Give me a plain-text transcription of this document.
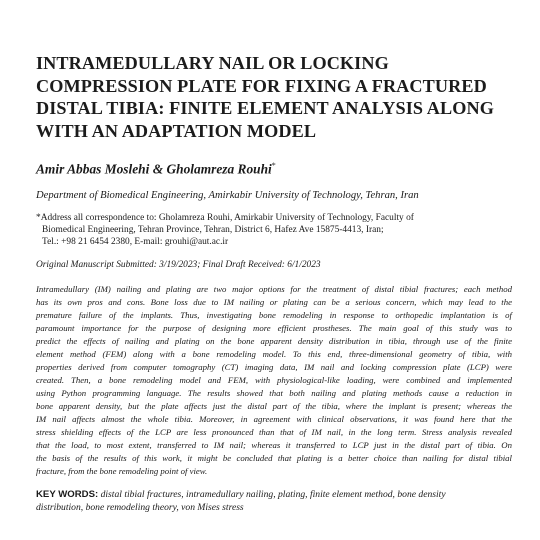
INTRAMEDULLARY NAIL OR LOCKING
COMPRESSION PLATE FOR FIXING A FRACTURED
DISTAL TIBIA: FINITE ELEMENT ANALYSIS ALONG
WITH AN ADAPTATION MODEL
Amir Abbas Moslehi & Gholamreza Rouhi*
Department of Biomedical Engineering, Amirkabir University of Technology, Tehran, Iran
*Address all correspondence to: Gholamreza Rouhi, Amirkabir University of Technology, Faculty of
Biomedical Engineering, Tehran Province, Tehran, District 6, Hafez Ave 15875-4413, Iran;
Tel.: +98 21 6454 2380, E-mail: grouhi@aut.ac.ir
Original Manuscript Submitted: 3/19/2023; Final Draft Received: 6/1/2023
Intramedullary (IM) nailing and plating are two major options for the treatment of distal tibial fractures; each method
has its own pros and cons. Bone loss due to IM nailing or plating can be a serious concern, which may lead to the
premature failure of the implants. Thus, investigating bone remodeling in response to orthopedic implantation is of
paramount importance for the purpose of designing more efficient prostheses. The main goal of this study was to
predict the effects of nailing and plating on the bone apparent density distribution in tibia, through use of the finite
element method (FEM) along with a bone remodeling model. To this end, three-dimensional geometry of tibia, with
properties derived from computer tomography (CT) imaging data, IM nail and locking compression plate (LCP) were
created. Then, a bone remodeling model and FEM, with physiological-like loading, were combined and implemented
using Python programming language. The results showed that both nailing and plating methods cause a reduction in
bone apparent density, but the plate affects just the distal part of the tibia, where the implant is present; whereas the
IM nail affects almost the whole tibia. Moreover, in agreement with clinical observations, it was found here that the
stress shielding effects of the LCP are less pronounced than that of IM nail, in the long term. Stress analysis revealed
that the load, to most extent, transferred to IM nail; whereas it transferred to LCP just in the distal part of tibia. On
the basis of the results of this work, it might be concluded that plating is a better choice than nailing for distal tibial
fracture, from the bone remodeling point of view.
KEY WORDS: distal tibial fractures, intramedullary nailing, plating, finite element method, bone density
distribution, bone remodeling theory, von Mises stress
